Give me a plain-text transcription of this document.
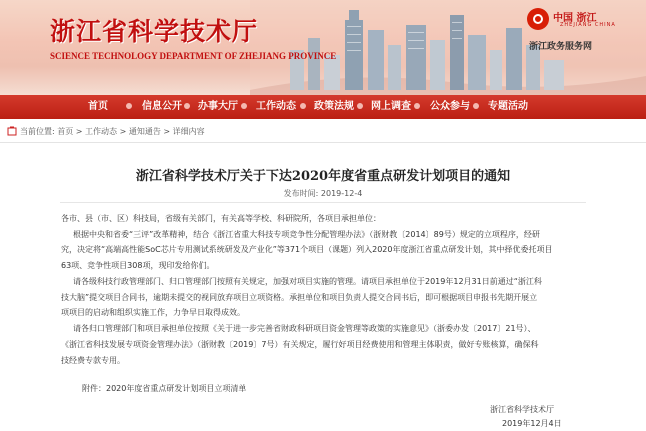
浙江省科学技术厅
SCIENCE TECHNOLOGY DEPARTMENT OF ZHEJIANG PROVINCE
中国 浙江
ZHEJIANG CHINA
浙江政务服务网
首页	信息公开 办事大厅 工作动态 政策法规 网上调查 公众参与 专题活动
当前位置: 首页 > 工作动态 > 通知通告 > 详细内容
浙江省科学技术厅关于下达2020年度省重点研发计划项目的通知
发布时间: 2019-12-4
各市、县（市、区）科技局，省级有关部门，有关高等学校、科研院所，各项目承担单位：
根据中央和省委“三评”改革精神，结合《浙江省重大科技专项竞争性分配管理办法》（浙财教〔2014〕89号）规定的立项程序，经研
究，决定将“高端高性能SoC芯片专用测试系统研发及产业化”等371个项目（课题）列入2020年度浙江省重点研发计划，其中择优委托项目
63项、竞争性项目308项，现印发给你们。
请各级科技行政管理部门、归口管理部门按照有关规定，加强对项目实施的管理。请项目承担单位于2019年12月31日前通过“浙江科
技大脑”提交项目合同书，逾期未提交的视同放弃项目立项资格。承担单位和项目负责人提交合同书后，即可根据项目申报书先期开展立
项项目的启动和组织实施工作，力争早日取得成效。
请各归口管理部门和项目承担单位按照《关于进一步完善省财政科研项目资金管理等政策的实施意见》（浙委办发〔2017〕21号）、
《浙江省科技发展专项资金管理办法》（浙财教〔2019〕7号）有关规定，履行好项目经费使用和管理主体职责，做好专账核算，确保科
技经费专款专用。
附件：2020年度省重点研发计划项目立项清单
浙江省科学技术厅
2019年12月4日
